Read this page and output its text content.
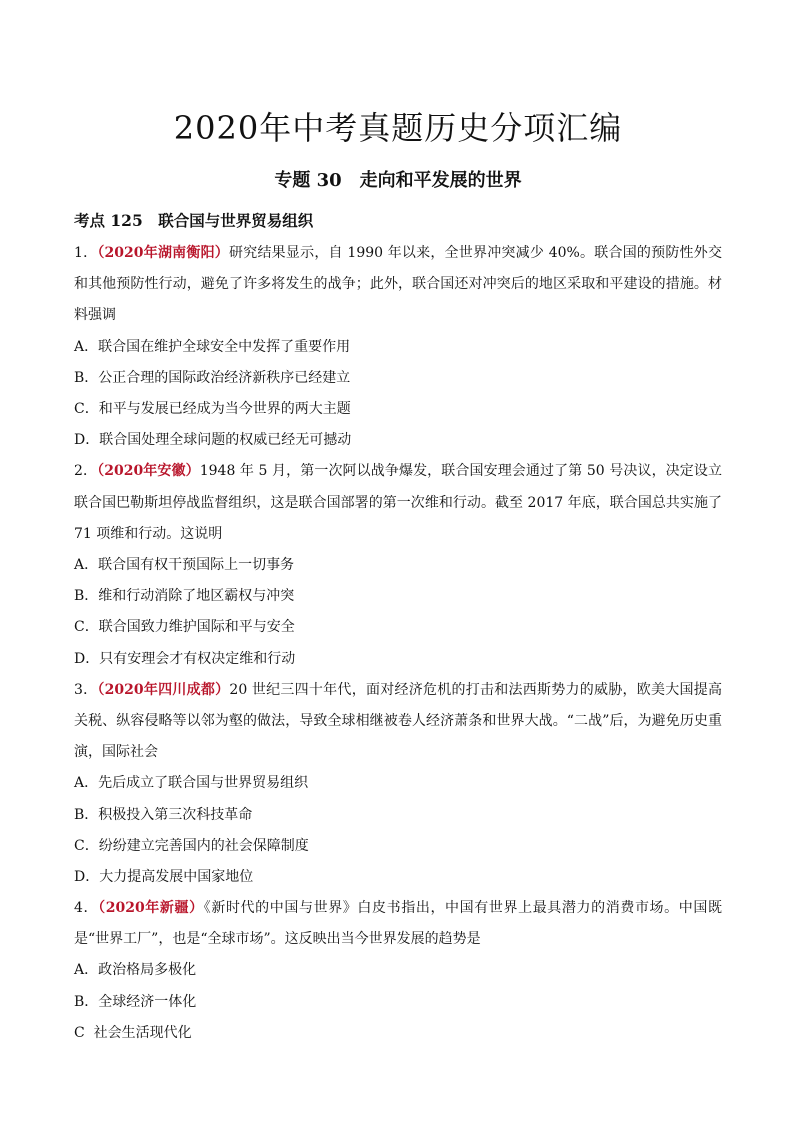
2020年中考真题历史分项汇编
专题 30　走向和平发展的世界
考点 125　联合国与世界贸易组织
1．（2020年湖南衡阳）研究结果显示，自 1990 年以来，全世界冲突减少 40%。联合国的预防性外交和其他预防性行动，避免了许多将发生的战争；此外，联合国还对冲突后的地区采取和平建设的措施。材料强调
A．联合国在维护全球安全中发挥了重要作用
B．公正合理的国际政治经济新秩序已经建立
C．和平与发展已经成为当今世界的两大主题
D．联合国处理全球问题的权威已经无可撼动
2．（2020年安徽）1948 年 5 月，第一次阿以战争爆发，联合国安理会通过了第 50 号决议，决定设立联合国巴勒斯坦停战监督组织，这是联合国部署的第一次维和行动。截至 2017 年底，联合国总共实施了 71 项维和行动。这说明
A．联合国有权干预国际上一切事务
B．维和行动消除了地区霸权与冲突
C．联合国致力维护国际和平与安全
D．只有安理会才有权决定维和行动
3．（2020年四川成都）20 世纪三四十年代，面对经济危机的打击和法西斯势力的威胁，欧美大国提高关税、纵容侵略等以邻为壑的做法，导致全球相继被卷人经济萧条和世界大战。“二战”后，为避免历史重演，国际社会
A．先后成立了联合国与世界贸易组织
B．积极投入第三次科技革命
C．纷纷建立完善国内的社会保障制度
D．大力提高发展中国家地位
4．（2020年新疆）《新时代的中国与世界》白皮书指出，中国有世界上最具潜力的消费市场。中国既是“世界工厂”，也是“全球市场”。这反映出当今世界发展的趋势是
A．政治格局多极化
B．全球经济一体化
C  社会生活现代化
